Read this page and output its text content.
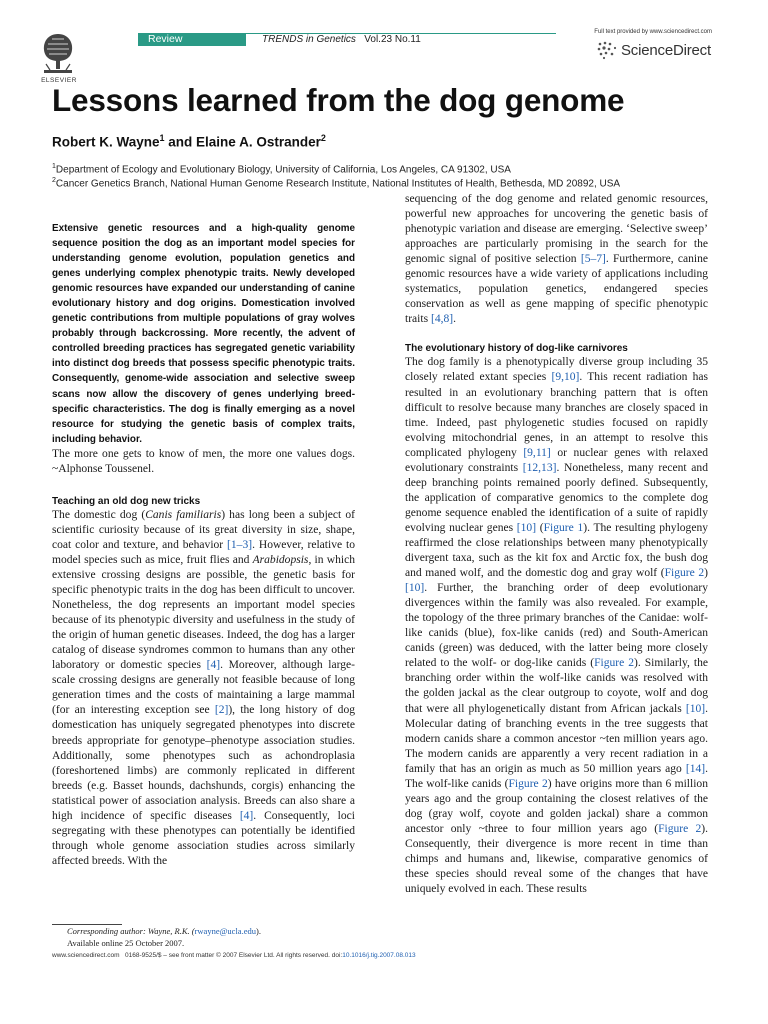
ELSEVIER
Review	TRENDS in Genetics Vol.23 No.11
Full text provided by www.sciencedirect.com
ScienceDirect
Lessons learned from the dog genome
Robert K. Wayne$^1$ and Elaine A. Ostrander$^2$
$^1$Department of Ecology and Evolutionary Biology, University of California, Los Angeles, CA 91302, USA
$^2$Cancer Genetics Branch, National Human Genome Research Institute, National Institutes of Health, Bethesda, MD 20892, USA

Extensive genetic resources and a high-quality genome sequence position the dog as an important model species for understanding genome evolution, population genetics and genes underlying complex phenotypic traits. Newly developed genomic resources have expanded our understanding of canine evolutionary history and dog origins. Domestication involved genetic contributions from multiple populations of gray wolves probably through backcrossing. More recently, the advent of controlled breeding practices has segregated genetic variability into distinct dog breeds that possess specific phenotypic traits. Consequently, genome-wide association and selective sweep scans now allow the discovery of genes underlying breed-specific characteristics. The dog is finally emerging as a novel resource for studying the genetic basis of complex traits, including behavior.

The more one gets to know of men, the more one values dogs. ~Alphonse Toussenel.

Teaching an old dog new tricks

The domestic dog (Canis familiaris) has long been a subject of scientific curiosity because of its great diversity in size, shape, coat color and texture, and behavior [1–3]. However, relative to model species such as mice, fruit flies and Arabidopsis, in which extensive crossing designs are possible, the genetic basis for specific phenotypic traits in the dog has been difficult to uncover. Nonetheless, the dog represents an important model species because of its phenotypic diversity and usefulness in the study of the origin of human genetic diseases. Indeed, the dog has a larger catalog of disease syndromes common to humans than any other laboratory or domestic species [4]. Moreover, although large-scale crossing designs are generally not feasible because of long generation times and the costs of maintaining a large mammal (for an interesting exception see [2]), the long history of dog domestication has uniquely segregated phenotypes into discrete breeds appropriate for genotype–phenotype association studies. Additionally, some phenotypes such as achondroplasia (foreshortened limbs) are commonly replicated in different breeds (e.g. Basset hounds, dachshunds, corgis) enhancing the statistical power of association analysis. Breeds can also share a high incidence of specific diseases [4]. Consequently, loci segregating with these phenotypes can potentially be identified through whole genome association studies across similarly affected breeds. With the

Corresponding author: Wayne, R.K. (rwayne@ucla.edu).
Available online 25 October 2007.

sequencing of the dog genome and related genomic resources, powerful new approaches for uncovering the genetic basis of phenotypic variation and disease are emerging. ‘Selective sweep’ approaches are particularly promising in the search for the genomic signal of positive selection [5–7]. Furthermore, canine genomic resources have a wide variety of applications including systematics, population genetics, endangered species conservation as well as gene mapping of specific phenotypic traits [4,8].

The evolutionary history of dog-like carnivores

The dog family is a phenotypically diverse group including 35 closely related extant species [9,10]. This recent radiation has resulted in an evolutionary branching pattern that is often difficult to resolve because many branches are closely spaced in time. Indeed, past phylogenetic studies focused on rapidly evolving mitochondrial genes, in an attempt to resolve this complicated phylogeny [9,11] or nuclear genes with relaxed evolutionary constraints [12,13]. Nonetheless, many recent and deep branching points remained poorly defined. Subsequently, the application of comparative genomics to the complete dog genome sequence enabled the identification of a suite of rapidly evolving nuclear genes [10] (Figure 1). The resulting phylogeny reaffirmed the close relationships between many phenotypically divergent taxa, such as the kit fox and Arctic fox, the bush dog and maned wolf, and the domestic dog and gray wolf (Figure 2) [10]. Further, the branching order of deep evolutionary divergences within the family was also revealed. For example, the topology of the three primary branches of the Canidae: wolf-like canids (blue), fox-like canids (red) and South-American canids (green) was deduced, with the latter being more closely related to the wolf- or dog-like canids (Figure 2). Similarly, the branching order within the wolf-like canids was resolved with the golden jackal as the clear outgroup to coyote, wolf and dog that were all phylogenetically distant from African jackals [10]. Molecular dating of branching events in the tree suggests that modern canids share a common ancestor ~ten million years ago. The modern canids are apparently a very recent radiation in a family that has an origin as much as 50 million years ago [14]. The wolf-like canids (Figure 2) have origins more than 6 million years ago and the group containing the closest relatives of the dog (gray wolf, coyote and golden jackal) share a common ancestor only ~three to four million years ago (Figure 2). Consequently, their divergence is more recent in time than chimps and humans and, likewise, comparative genomics of these species should reveal some of the changes that have uniquely evolved in each. These results

www.sciencedirect.com   0168-9525/$ – see front matter © 2007 Elsevier Ltd. All rights reserved. doi:10.1016/j.tig.2007.08.013
